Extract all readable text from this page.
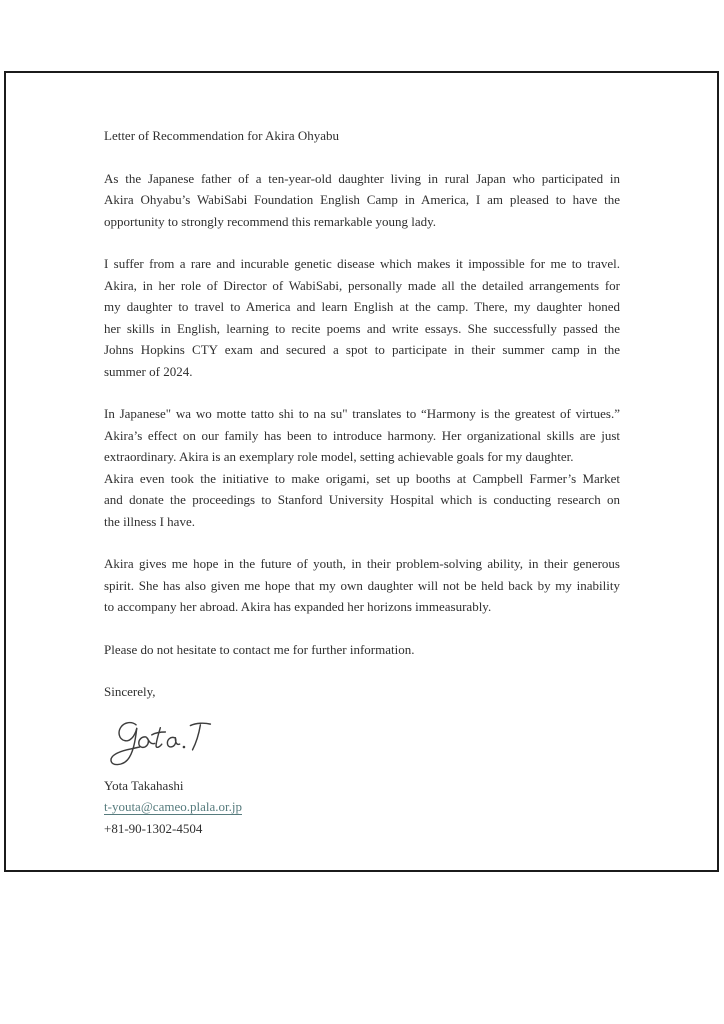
Letter of Recommendation for Akira Ohyabu
As the Japanese father of a ten-year-old daughter living in rural Japan who participated in
Akira Ohyabu’s WabiSabi Foundation English Camp in America, I am pleased to have the
opportunity to strongly recommend this remarkable young lady.
I suffer from a rare and incurable genetic disease which makes it impossible for me to travel.
Akira, in her role of Director of WabiSabi, personally made all the detailed arrangements for
my daughter to travel to America and learn English at the camp. There, my daughter honed
her skills in English, learning to recite poems and write essays. She successfully passed the
Johns Hopkins CTY exam and secured a spot to participate in their summer camp in the
summer of 2024.
In Japanese" wa wo motte tatto shi to na su" translates to “Harmony is the greatest of virtues.”
Akira’s effect on our family has been to introduce harmony. Her organizational skills are just
extraordinary. Akira is an exemplary role model, setting achievable goals for my daughter.
Akira even took the initiative to make origami, set up booths at Campbell Farmer’s Market
and donate the proceedings to Stanford University Hospital which is conducting research on
the illness I have.
Akira gives me hope in the future of youth, in their problem-solving ability, in their generous
spirit. She has also given me hope that my own daughter will not be held back by my inability
to accompany her abroad. Akira has expanded her horizons immeasurably.
Please do not hesitate to contact me for further information.

Sincerely,

Yota Takahashi

t-youta@cameo.plala.or.jp

+81-90-1302-4504
